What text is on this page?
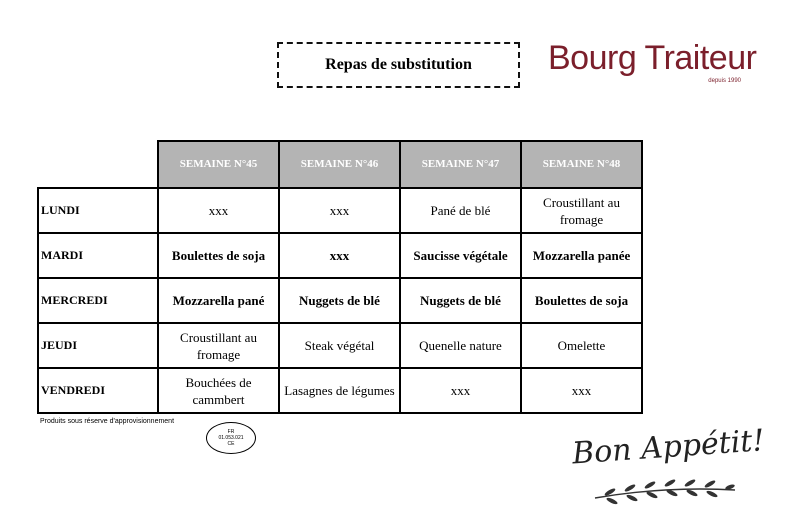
Repas de substitution	Bourg Traiteur
depuis 1990
	SEMAINE N°45	SEMAINE N°46	SEMAINE N°47	SEMAINE N°48
LUNDI	xxx	xxx	Pané de blé	Croustillant au fromage
MARDI	Boulettes de soja	xxx	Saucisse végétale	Mozzarella panée
MERCREDI	Mozzarella pané	Nuggets de blé	Nuggets de blé	Boulettes de soja
JEUDI	Croustillant au fromage	Steak végétal	Quenelle nature	Omelette
VENDREDI	Bouchées de cammbert	Lasagnes de légumes	xxx	xxx
Produits sous réserve d'approvisionnement
FR
01.053.021
CE	Bon Appétit!
